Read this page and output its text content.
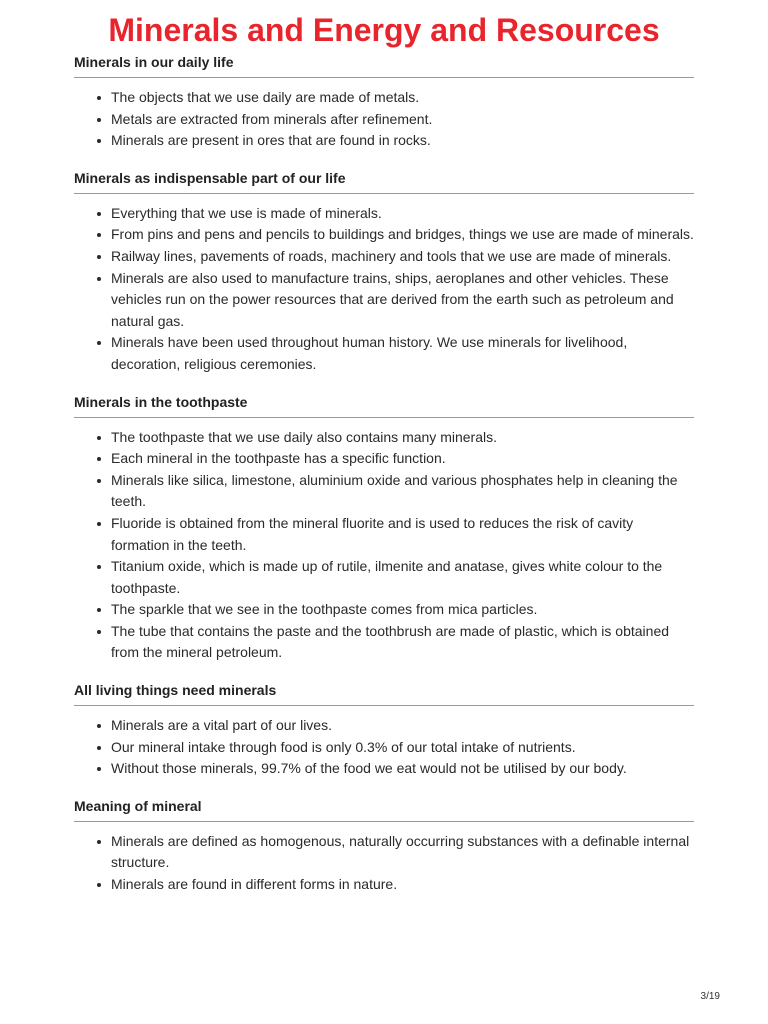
Minerals and Energy and Resources
Minerals in our daily life
The objects that we use daily are made of metals.
Metals are extracted from minerals after refinement.
Minerals are present in ores that are found in rocks.
Minerals as indispensable part of our life
Everything that we use is made of minerals.
From pins and pens and pencils to buildings and bridges, things we use are made of minerals.
Railway lines, pavements of roads, machinery and tools that we use are made of minerals.
Minerals are also used to manufacture trains, ships, aeroplanes and other vehicles. These vehicles run on the power resources that are derived from the earth such as petroleum and natural gas.
Minerals have been used throughout human history. We use minerals for livelihood, decoration, religious ceremonies.
Minerals in the toothpaste
The toothpaste that we use daily also contains many minerals.
Each mineral in the toothpaste has a specific function.
Minerals like silica, limestone, aluminium oxide and various phosphates help in cleaning the teeth.
Fluoride is obtained from the mineral fluorite and is used to reduces the risk of cavity formation in the teeth.
Titanium oxide, which is made up of rutile, ilmenite and anatase, gives white colour to the toothpaste.
The sparkle that we see in the toothpaste comes from mica particles.
The tube that contains the paste and the toothbrush are made of plastic, which is obtained from the mineral petroleum.
All living things need minerals
Minerals are a vital part of our lives.
Our mineral intake through food is only 0.3% of our total intake of nutrients.
Without those minerals, 99.7% of the food we eat would not be utilised by our body.
Meaning of mineral
Minerals are defined as homogenous, naturally occurring substances with a definable internal structure.
Minerals are found in different forms in nature.
3/19
